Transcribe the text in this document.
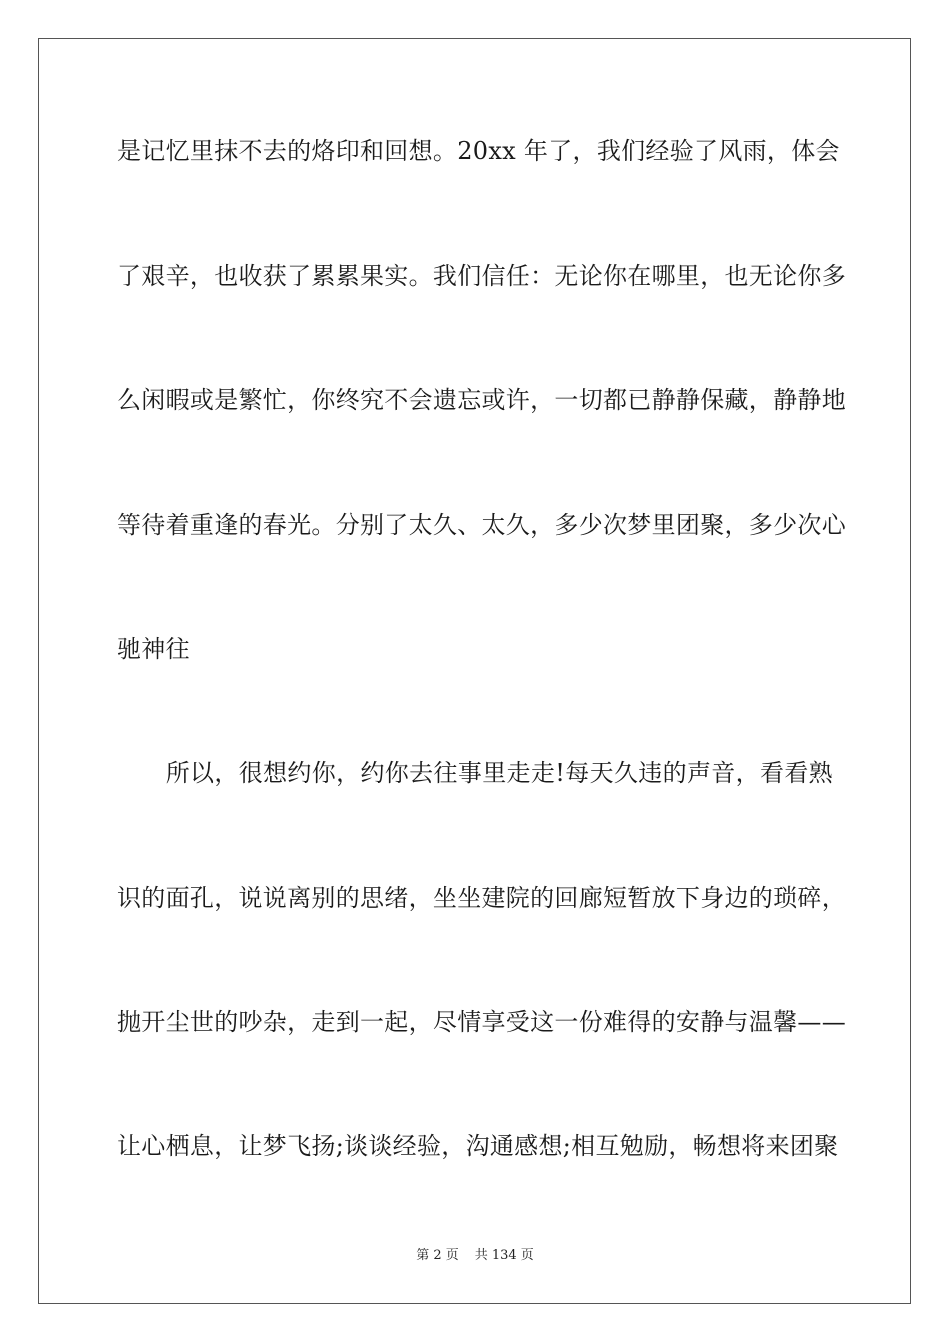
是记忆里抹不去的烙印和回想。20xx 年了，我们经验了风雨，体会
了艰辛，也收获了累累果实。我们信任：无论你在哪里，也无论你多
么闲暇或是繁忙，你终究不会遗忘或许，一切都已静静保藏，静静地
等待着重逢的春光。分别了太久、太久，多少次梦里团聚，多少次心
驰神往
　　所以，很想约你，约你去往事里走走!每天久违的声音，看看熟
识的面孔，说说离别的思绪，坐坐建院的回廊短暂放下身边的琐碎，
抛开尘世的吵杂，走到一起，尽情享受这一份难得的安静与温馨——
让心栖息，让梦飞扬;谈谈经验，沟通感想;相互勉励，畅想将来团聚
第 2 页 共 134 页
